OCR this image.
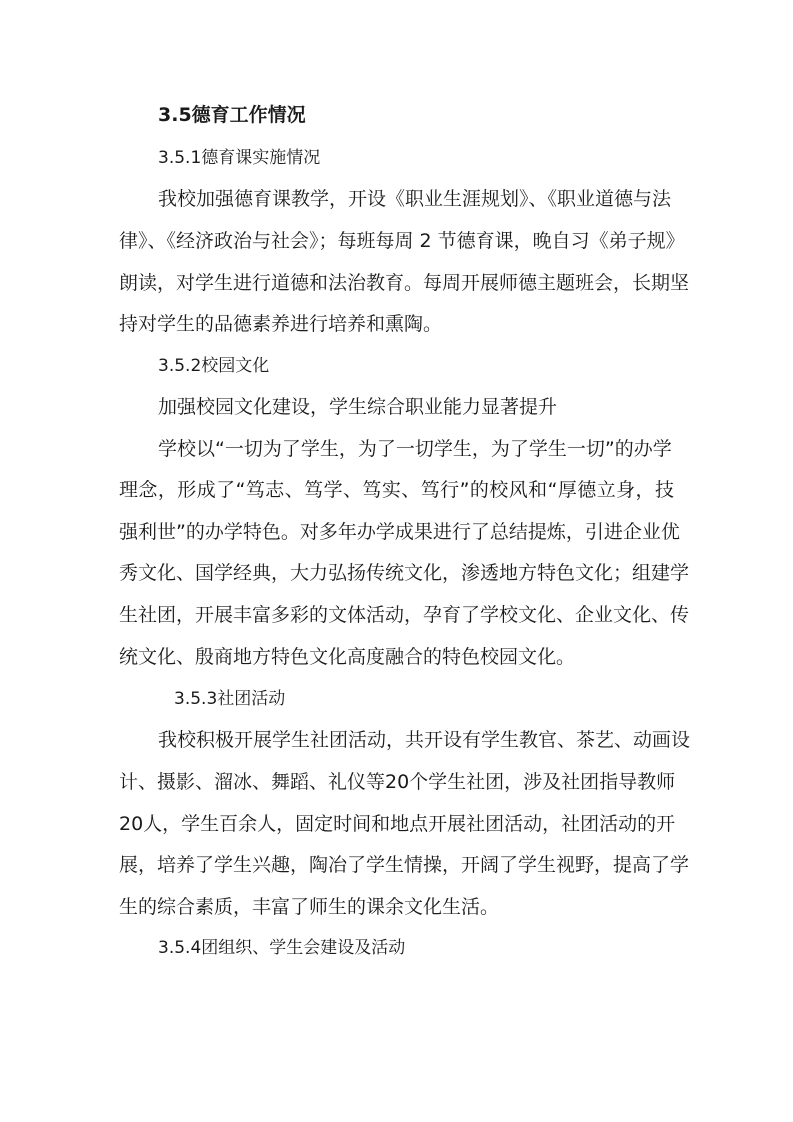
3.5德育工作情况
3.5.1德育课实施情况
我校加强德育课教学，开设《职业生涯规划》、《职业道德与法
律》、《经济政治与社会》；每班每周 2 节德育课，晚自习《弟子规》
朗读，对学生进行道德和法治教育。每周开展师德主题班会，长期坚
持对学生的品德素养进行培养和熏陶。
3.5.2校园文化
加强校园文化建设，学生综合职业能力显著提升
学校以“一切为了学生，为了一切学生，为了学生一切”的办学
理念，形成了“笃志、笃学、笃实、笃行”的校风和“厚德立身，技
强利世”的办学特色。对多年办学成果进行了总结提炼，引进企业优
秀文化、国学经典，大力弘扬传统文化，渗透地方特色文化；组建学
生社团，开展丰富多彩的文体活动，孕育了学校文化、企业文化、传
统文化、殷商地方特色文化高度融合的特色校园文化。
3.5.3社团活动
我校积极开展学生社团活动，共开设有学生教官、茶艺、动画设
计、摄影、溜冰、舞蹈、礼仪等20个学生社团，涉及社团指导教师
20人，学生百余人，固定时间和地点开展社团活动，社团活动的开
展，培养了学生兴趣，陶冶了学生情操，开阔了学生视野，提高了学
生的综合素质，丰富了师生的课余文化生活。
3.5.4团组织、学生会建设及活动
